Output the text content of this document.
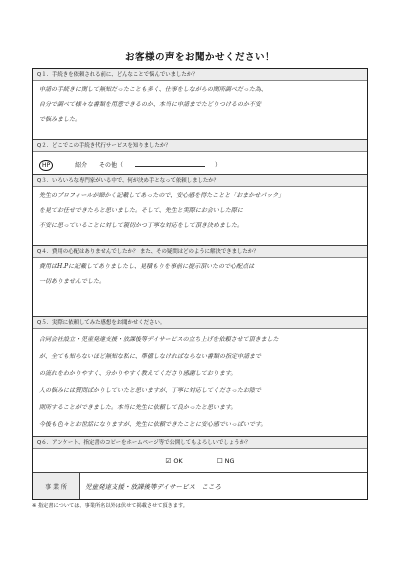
お客様の声をお聞かせください！
Q１．手続きを依頼される前に、どんなことで悩んでいましたか？
申請の手続きに関して無知だったことも多く、仕事をしながらの関所調べだった為、
自分で調べて様々な書類を用意できるのか、本当に申請までたどりつけるのか不安
で悩みました。
Q２．どこでこの手続き代行サービスを知りましたか？
HP	紹介 その他（	）
Q３．いろいろな専門家がいる中で、何が決め手となって依頼しましたか？
先生のプロフィールが細かく記載してあったので、安心感を得たことと「おまかせパック」
を見てお任せできたらと思いました。そして、先生と実際にお会いした際に
不安に思っていることに対して親切かつ丁寧な対応をして頂き決めました。
Q４．費用の心配はありませんでしたか？ また、その疑問はどのように解決できましたか？
費用はH.Pに記載してありましたし、見積もりを事前に提示頂いたので心配点は
一切ありませんでした。
Q５．実際に依頼してみた感想をお聞かせください。
合同会社設立・児童発達支援・放課後等デイサービスの立ち上げを依頼させて頂きました
が、全ても知らないほど無知な私に、準備しなければならない書類の指定申請まで
の流れをわかりやすく、分かりやすく教えてくださり感謝しております。
人の悩みには質問ばかりしていたと思いますが、丁寧に対応してくださったお陰で
開所することができました。本当に先生に依頼して良かったと思います。
今後も色々とお世話になりますが、先生に依頼できたことに安心感でいっぱいです。
Q６．アンケート、指定書のコピーをホームページ等で公開してもよろしいでしょうか？
☑ OK	☐ NG
事 業 所	児童発達支援・放課後等デイサービス　こころ
※ 指定書については、事業所名以外は伏せて掲載させて頂きます。
